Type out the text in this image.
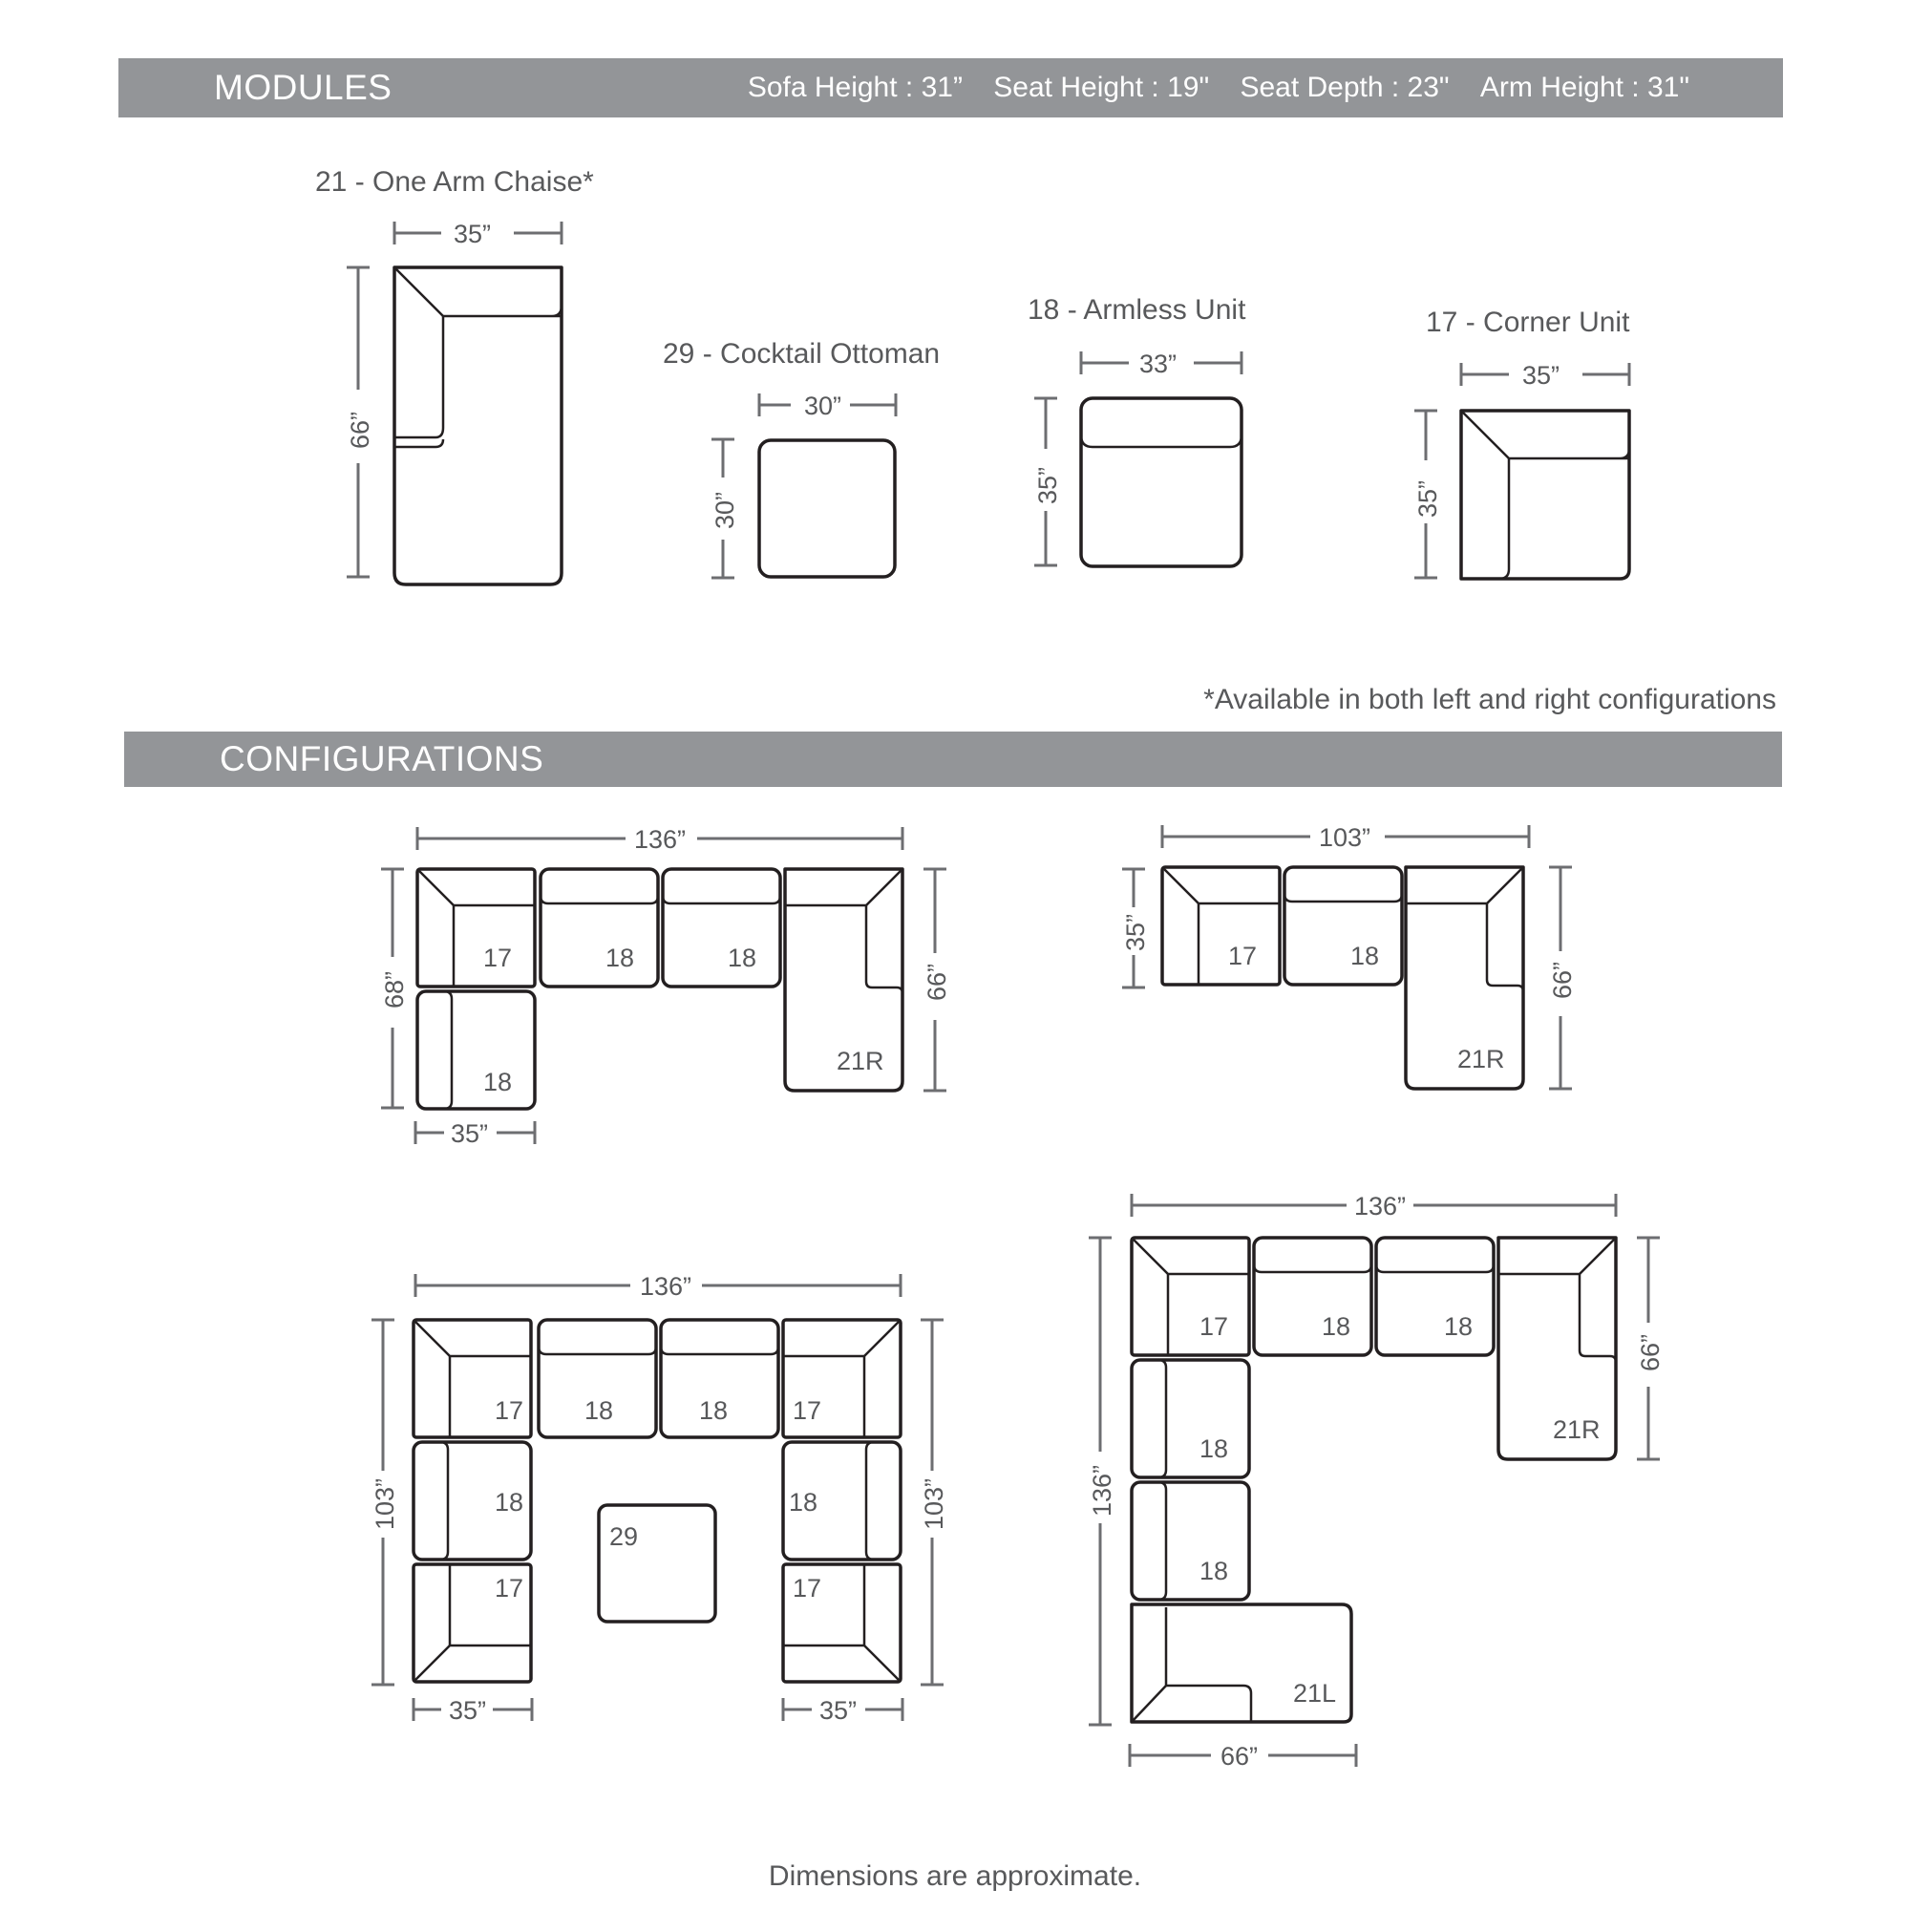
MODULES	Sofa Height : 31” Seat Height : 19" Seat Depth : 23" Arm Height : 31"
*Available in both left and right configurations
CONFIGURATIONS
Dimensions are approximate.
21 - One Arm Chaise*
35”
66”
29 - Cocktail Ottoman
30”
30”
18 - Armless Unit
33”
35”
17 - Corner Unit
35”
35”
136”
68”	66”
35”
17	18	18
21R
18
103”
35”
66”
17	18
21R
136”
103”	103”
35”	35”
17 18	18	17
18	18
17	17
29
136”
136”
66”
66”
17	18	18
21R
18
18
21L
